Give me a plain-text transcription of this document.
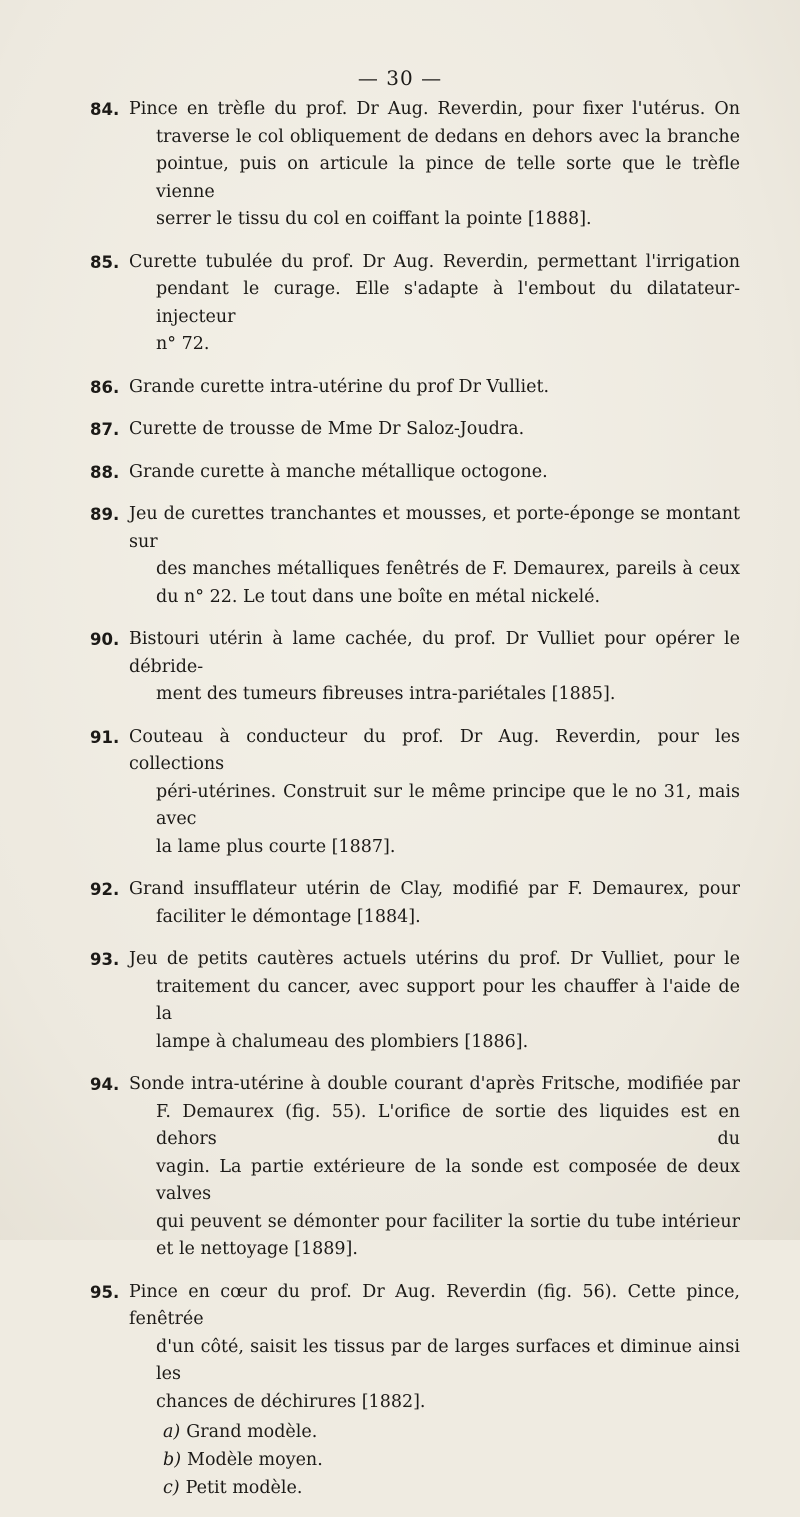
— 30 —
84. Pince en trèfle du prof. Dr Aug. Reverdin, pour fixer l'utérus. On
traverse le col obliquement de dedans en dehors avec la branche
pointue, puis on articule la pince de telle sorte que le trèfle vienne
serrer le tissu du col en coiffant la pointe [1888].
85. Curette tubulée du prof. Dr Aug. Reverdin, permettant l'irrigation
pendant le curage. Elle s'adapte à l'embout du dilatateur-injecteur
n° 72.
86. Grande curette intra-utérine du prof Dr Vulliet.
87. Curette de trousse de Mme Dr Saloz-Joudra.
88. Grande curette à manche métallique octogone.
89. Jeu de curettes tranchantes et mousses, et porte-éponge se montant sur
des manches métalliques fenêtrés de F. Demaurex, pareils à ceux
du n° 22. Le tout dans une boîte en métal nickelé.
90. Bistouri utérin à lame cachée, du prof. Dr Vulliet pour opérer le débride-
ment des tumeurs fibreuses intra-pariétales [1885].
91. Couteau à conducteur du prof. Dr Aug. Reverdin, pour les collections
péri-utérines. Construit sur le même principe que le no 31, mais avec
la lame plus courte [1887].
92. Grand insufflateur utérin de Clay, modifié par F. Demaurex, pour
faciliter le démontage [1884].
93. Jeu de petits cautères actuels utérins du prof. Dr Vulliet, pour le
traitement du cancer, avec support pour les chauffer à l'aide de la
lampe à chalumeau des plombiers [1886].
94. Sonde intra-utérine à double courant d'après Fritsche, modifiée par
F. Demaurex (fig. 55). L'orifice de sortie des liquides est en dehors du
vagin. La partie extérieure de la sonde est composée de deux valves
qui peuvent se démonter pour faciliter la sortie du tube intérieur
et le nettoyage [1889].
95. Pince en cœur du prof. Dr Aug. Reverdin (fig. 56). Cette pince, fenêtrée
d'un côté, saisit les tissus par de larges surfaces et diminue ainsi les
chances de déchirures [1882].
a) Grand modèle.
b) Modèle moyen.
c) Petit modèle.
